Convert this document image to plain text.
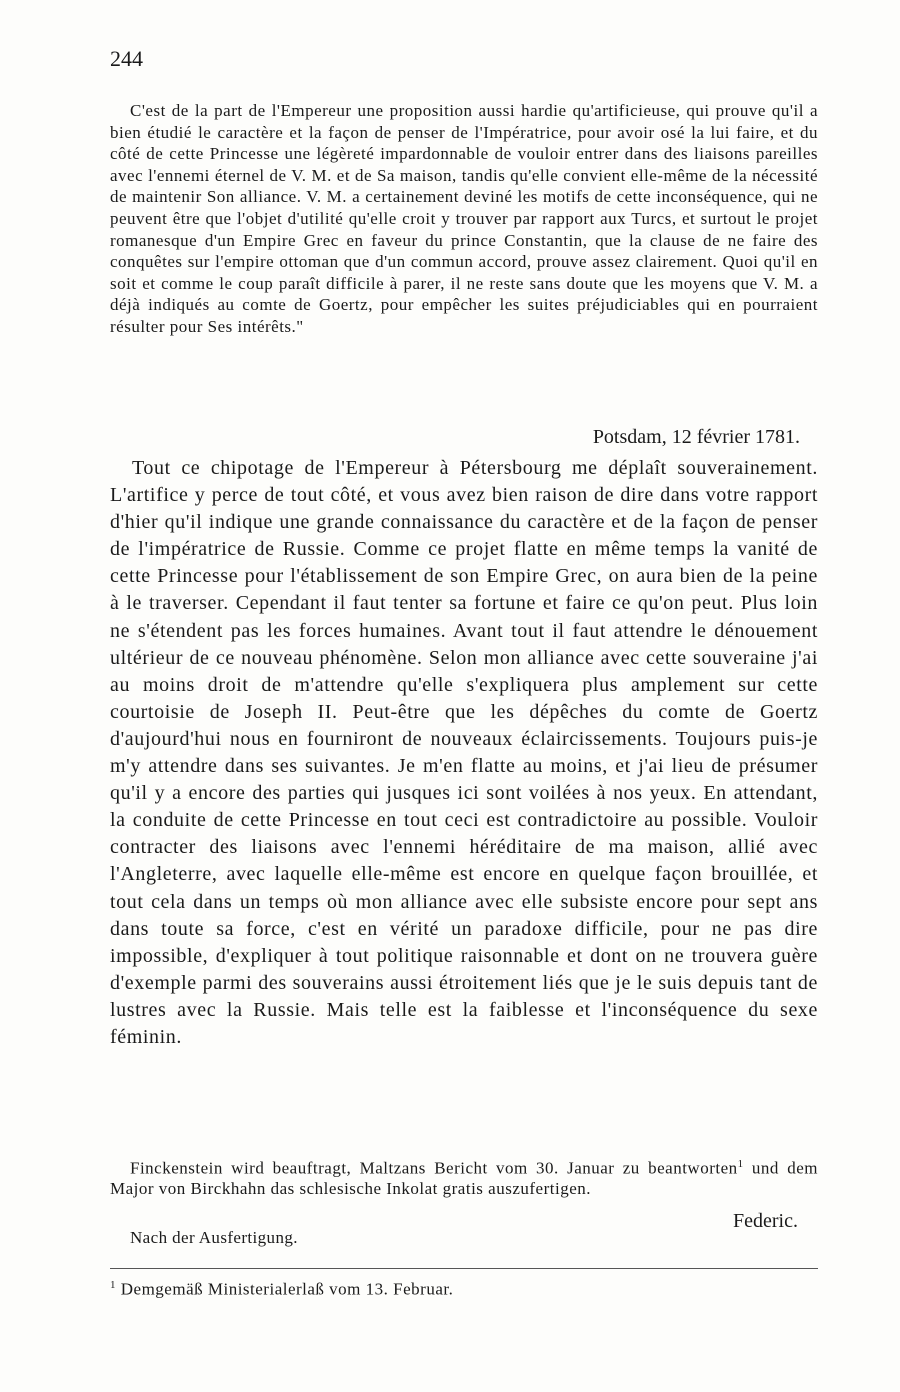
244

C'est de la part de l'Empereur une proposition aussi hardie qu'artificieuse, qui prouve qu'il a bien étudié le caractère et la façon de penser de l'Impératrice, pour avoir osé la lui faire, et du côté de cette Princesse une légèreté impardonnable de vouloir entrer dans des liaisons pareilles avec l'ennemi éternel de V. M. et de Sa maison, tandis qu'elle convient elle-même de la nécessité de maintenir Son alliance. V. M. a certainement deviné les motifs de cette inconséquence, qui ne peuvent être que l'objet d'utilité qu'elle croit y trouver par rapport aux Turcs, et surtout le projet romanesque d'un Empire Grec en faveur du prince Constantin, que la clause de ne faire des conquêtes sur l'empire ottoman que d'un commun accord, prouve assez clairement. Quoi qu'il en soit et comme le coup paraît difficile à parer, il ne reste sans doute que les moyens que V. M. a déjà indiqués au comte de Goertz, pour empêcher les suites préjudiciables qui en pourraient résulter pour Ses intérêts."

Potsdam, 12 février 1781.

Tout ce chipotage de l'Empereur à Pétersbourg me déplaît souverainement. L'artifice y perce de tout côté, et vous avez bien raison de dire dans votre rapport d'hier qu'il indique une grande connaissance du caractère et de la façon de penser de l'impératrice de Russie. Comme ce projet flatte en même temps la vanité de cette Princesse pour l'établissement de son Empire Grec, on aura bien de la peine à le traverser. Cependant il faut tenter sa fortune et faire ce qu'on peut. Plus loin ne s'étendent pas les forces humaines. Avant tout il faut attendre le dénouement ultérieur de ce nouveau phénomène. Selon mon alliance avec cette souveraine j'ai au moins droit de m'attendre qu'elle s'expliquera plus amplement sur cette courtoisie de Joseph II. Peut-être que les dépêches du comte de Goertz d'aujourd'hui nous en fourniront de nouveaux éclaircissements. Toujours puis-je m'y attendre dans ses suivantes. Je m'en flatte au moins, et j'ai lieu de présumer qu'il y a encore des parties qui jusques ici sont voilées à nos yeux. En attendant, la conduite de cette Princesse en tout ceci est contradictoire au possible. Vouloir contracter des liaisons avec l'ennemi héréditaire de ma maison, allié avec l'Angleterre, avec laquelle elle-même est encore en quelque façon brouillée, et tout cela dans un temps où mon alliance avec elle subsiste encore pour sept ans dans toute sa force, c'est en vérité un paradoxe difficile, pour ne pas dire impossible, d'expliquer à tout politique raisonnable et dont on ne trouvera guère d'exemple parmi des souverains aussi étroitement liés que je le suis depuis tant de lustres avec la Russie. Mais telle est la faiblesse et l'inconséquence du sexe féminin.

Finckenstein wird beauftragt, Maltzans Bericht vom 30. Januar zu beantworten$^1$ und dem Major von Birckhahn das schlesische Inkolat gratis auszufertigen.

Federic.
Nach der Ausfertigung.
$^1$ Demgemäß Ministerialerlaß vom 13. Februar.
